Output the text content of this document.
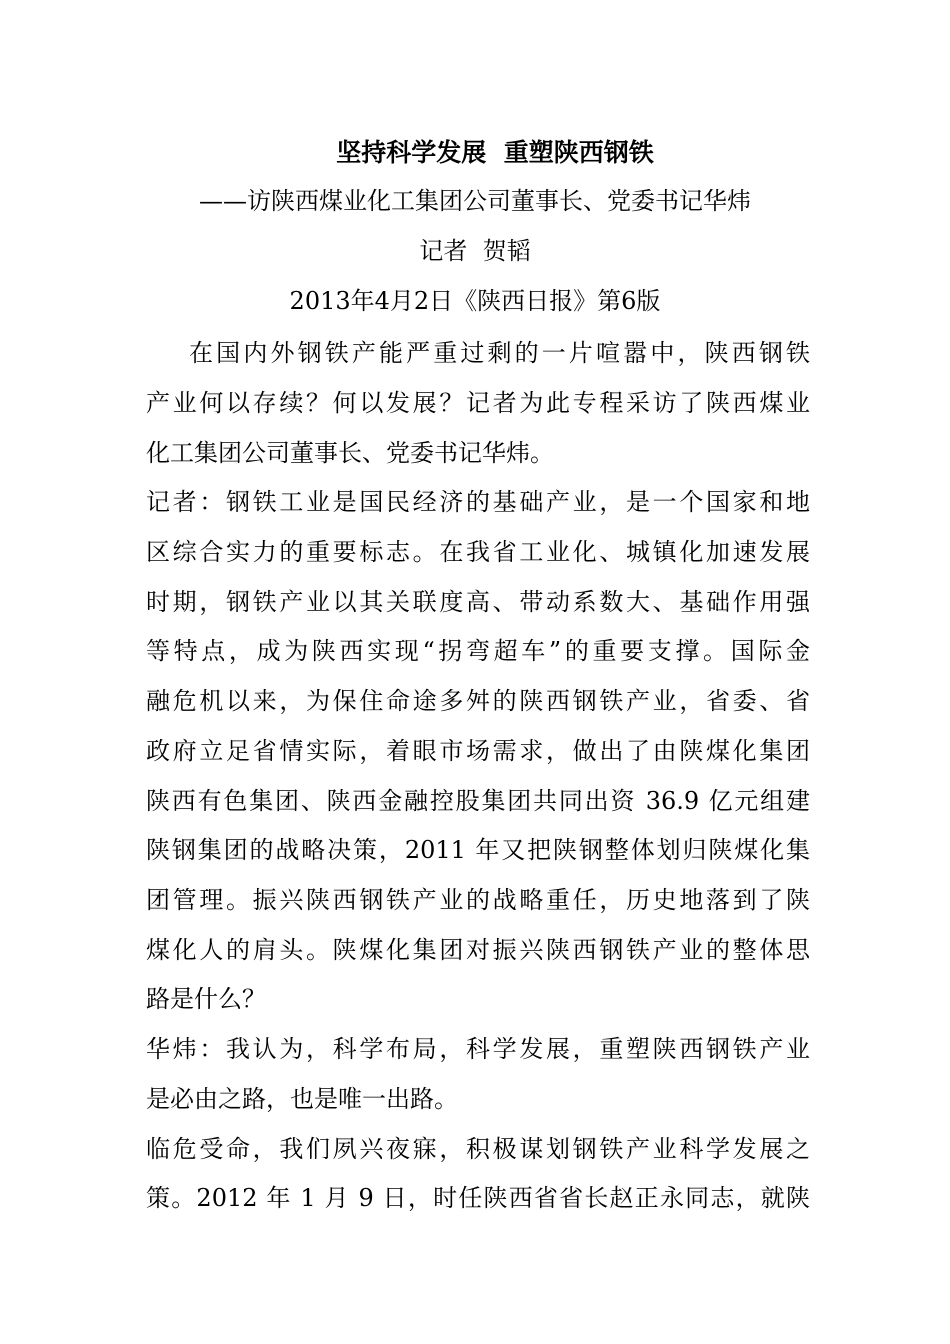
坚持科学发展  重塑陕西钢铁
——访陕西煤业化工集团公司董事长、党委书记华炜
记者  贺韬
2013年4月2日《陕西日报》第6版
在国内外钢铁产能严重过剩的一片喧嚣中，陕西钢铁
产业何以存续？何以发展？记者为此专程采访了陕西煤业
化工集团公司董事长、党委书记华炜。
记者：钢铁工业是国民经济的基础产业，是一个国家和地
区综合实力的重要标志。在我省工业化、城镇化加速发展
时期，钢铁产业以其关联度高、带动系数大、基础作用强
等特点，成为陕西实现“拐弯超车”的重要支撑。国际金
融危机以来，为保住命途多舛的陕西钢铁产业，省委、省
政府立足省情实际，着眼市场需求，做出了由陕煤化集团
陕西有色集团、陕西金融控股集团共同出资 36.9 亿元组建
陕钢集团的战略决策，2011 年又把陕钢整体划归陕煤化集
团管理。振兴陕西钢铁产业的战略重任，历史地落到了陕
煤化人的肩头。陕煤化集团对振兴陕西钢铁产业的整体思
路是什么？
华炜：我认为，科学布局，科学发展，重塑陕西钢铁产业
是必由之路，也是唯一出路。
临危受命，我们夙兴夜寐，积极谋划钢铁产业科学发展之
策。2012 年 1 月 9 日，时任陕西省省长赵正永同志，就陕
